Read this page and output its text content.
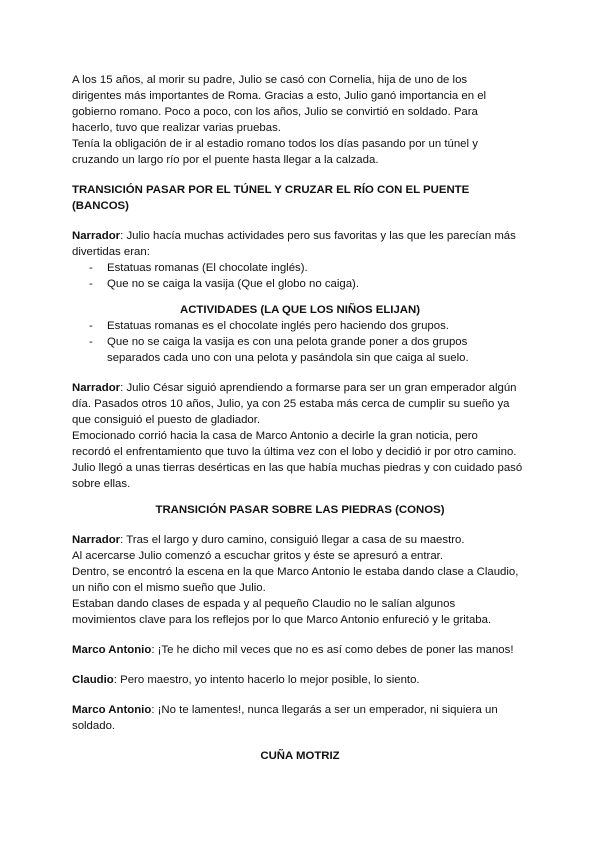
A los 15 años, al morir su padre, Julio se casó con Cornelia, hija de uno de los
dirigentes más importantes de Roma. Gracias a esto, Julio ganó importancia en el
gobierno romano. Poco a poco, con los años, Julio se convirtió en soldado. Para
hacerlo, tuvo que realizar varias pruebas.
Tenía la obligación de ir al estadio romano todos los días pasando por un túnel y
cruzando un largo río por el puente hasta llegar a la calzada.
TRANSICIÓN PASAR POR EL TÚNEL Y CRUZAR EL RÍO CON EL PUENTE
(BANCOS)
Narrador: Julio hacía muchas actividades pero sus favoritas y las que les parecían más
divertidas eran:
- Estatuas romanas (El chocolate inglés).
- Que no se caiga la vasija (Que el globo no caiga).
ACTIVIDADES (LA QUE LOS NIÑOS ELIJAN)
- Estatuas romanas es el chocolate inglés pero haciendo dos grupos.
- Que no se caiga la vasija es con una pelota grande poner a dos grupos
separados cada uno con una pelota y pasándola sin que caiga al suelo.
Narrador: Julio César siguió aprendiendo a formarse para ser un gran emperador algún
día. Pasados otros 10 años, Julio, ya con 25 estaba más cerca de cumplir su sueño ya
que consiguió el puesto de gladiador.
Emocionado corrió hacia la casa de Marco Antonio a decirle la gran noticia, pero
recordó el enfrentamiento que tuvo la última vez con el lobo y decidió ir por otro camino.
Julio llegó a unas tierras desérticas en las que había muchas piedras y con cuidado pasó
sobre ellas.
TRANSICIÓN PASAR SOBRE LAS PIEDRAS (CONOS)
Narrador: Tras el largo y duro camino, consiguió llegar a casa de su maestro.
Al acercarse Julio comenzó a escuchar gritos y éste se apresuró a entrar.
Dentro, se encontró la escena en la que Marco Antonio le estaba dando clase a Claudio,
un niño con el mismo sueño que Julio.
Estaban dando clases de espada y al pequeño Claudio no le salían algunos
movimientos clave para los reflejos por lo que Marco Antonio enfureció y le gritaba.
Marco Antonio: ¡Te he dicho mil veces que no es así como debes de poner las manos!
Claudio: Pero maestro, yo intento hacerlo lo mejor posible, lo siento.
Marco Antonio: ¡No te lamentes!, nunca llegarás a ser un emperador, ni siquiera un
soldado.
CUÑA MOTRIZ
